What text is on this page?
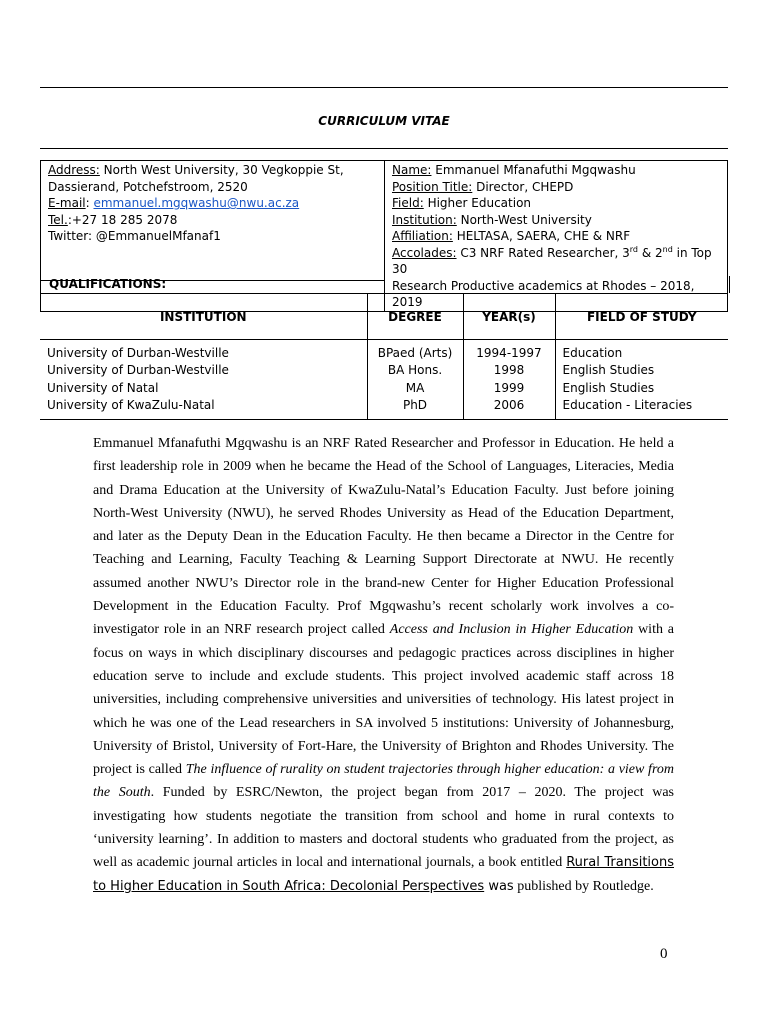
CURRICULUM VITAE
Address: North West University, 30 Vegkoppie St,
Dassierand, Potchefstroom, 2520
E-mail: emmanuel.mgqwashu@nwu.ac.za
Tel.:+27 18 285 2078
Twitter: @EmmanuelMfanaf1

Name: Emmanuel Mfanafuthi Mgqwashu
Position Title: Director, CHEPD
Field: Higher Education
Institution: North-West University
Affiliation: HELTASA, SAERA, CHE & NRF
Accolades: C3 NRF Rated Researcher, 3rd & 2nd in Top 30
Research Productive academics at Rhodes – 2018, 2019

QUALIFICATIONS:
INSTITUTION	DEGREE	YEAR(s)	FIELD OF STUDY
University of Durban-Westville	BPaed (Arts)	1994-1997	Education
University of Durban-Westville	BA Hons.	1998	English Studies
University of Natal	MA	1999	English Studies
University of KwaZulu-Natal	PhD	2006	Education - Literacies
Emmanuel Mfanafuthi Mgqwashu is an NRF Rated Researcher and Professor in Education. He held a first leadership role in 2009 when he became the Head of the School of Languages, Literacies, Media and Drama Education at the University of KwaZulu-Natal’s Education Faculty. Just before joining North-West University (NWU), he served Rhodes University as Head of the Education Department, and later as the Deputy Dean in the Education Faculty. He then became a Director in the Centre for Teaching and Learning, Faculty Teaching & Learning Support Directorate at NWU. He recently assumed another NWU’s Director role in the brand-new Center for Higher Education Professional Development in the Education Faculty. Prof Mgqwashu’s recent scholarly work involves a co-investigator role in an NRF research project called Access and Inclusion in Higher Education with a focus on ways in which disciplinary discourses and pedagogic practices across disciplines in higher education serve to include and exclude students. This project involved academic staff across 18 universities, including comprehensive universities and universities of technology. His latest project in which he was one of the Lead researchers in SA involved 5 institutions: University of Johannesburg, University of Bristol, University of Fort-Hare, the University of Brighton and Rhodes University. The project is called The influence of rurality on student trajectories through higher education: a view from the South. Funded by ESRC/Newton, the project began from 2017 – 2020. The project was investigating how students negotiate the transition from school and home in rural contexts to ‘university learning’. In addition to masters and doctoral students who graduated from the project, as well as academic journal articles in local and international journals, a book entitled Rural Transitions to Higher Education in South Africa: Decolonial Perspectives was published by Routledge.
0
